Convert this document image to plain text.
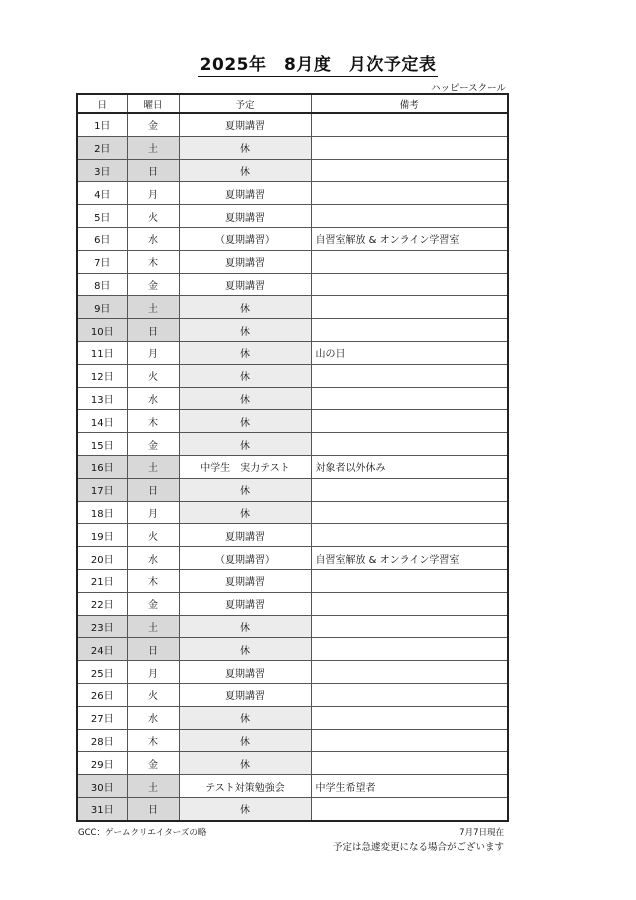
2025年　8月度　月次予定表
ハッピースクール
日	曜日	予定	備考
1日	金	夏期講習	
2日	土	休	
3日	日	休	
4日	月	夏期講習	
5日	火	夏期講習	
6日	水	（夏期講習）	自習室解放 & オンライン学習室
7日	木	夏期講習	
8日	金	夏期講習	
9日	土	休	
10日	日	休	
11日	月	休	山の日
12日	火	休	
13日	水	休	
14日	木	休	
15日	金	休	
16日	土	中学生　実力テスト	対象者以外休み
17日	日	休	
18日	月	休	
19日	火	夏期講習	
20日	水	（夏期講習）	自習室解放 & オンライン学習室
21日	木	夏期講習	
22日	金	夏期講習	
23日	土	休	
24日	日	休	
25日	月	夏期講習	
26日	火	夏期講習	
27日	水	休	
28日	木	休	
29日	金	休	
30日	土	テスト対策勉強会	中学生希望者
31日	日	休	
GCC：ゲームクリエイターズの略	7月7日現在
予定は急遽変更になる場合がございます
